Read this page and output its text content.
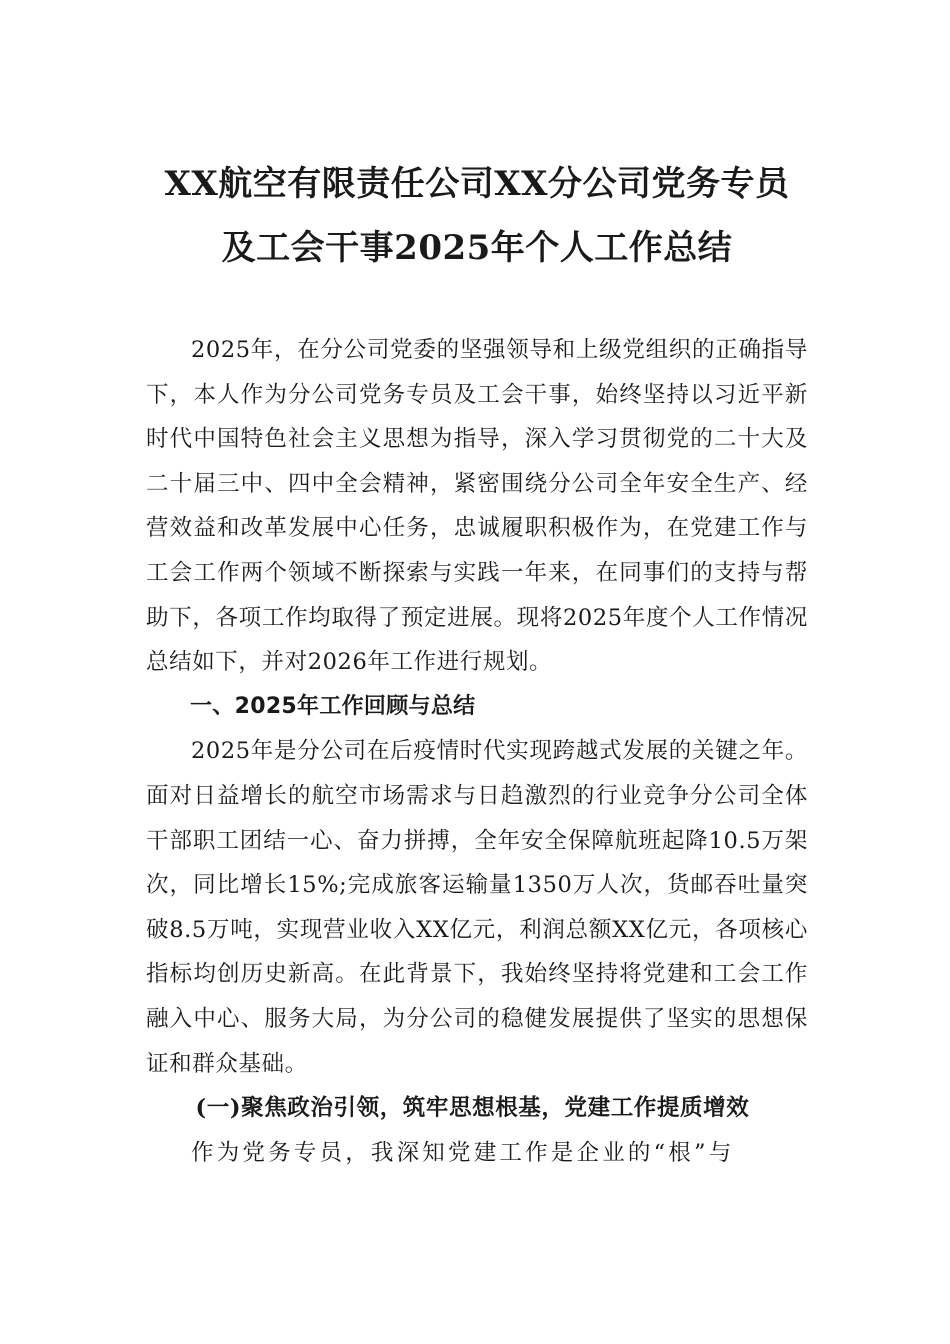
XX航空有限责任公司XX分公司党务专员
及工会干事2025年个人工作总结

2025年，在分公司党委的坚强领导和上级党组织的正确指导下，本人作为分公司党务专员及工会干事，始终坚持以习近平新时代中国特色社会主义思想为指导，深入学习贯彻党的二十大及二十届三中、四中全会精神，紧密围绕分公司全年安全生产、经营效益和改革发展中心任务，忠诚履职积极作为，在党建工作与工会工作两个领域不断探索与实践一年来，在同事们的支持与帮助下，各项工作均取得了预定进展。现将2025年度个人工作情况总结如下，并对2026年工作进行规划。

一、2025年工作回顾与总结

2025年是分公司在后疫情时代实现跨越式发展的关键之年。面对日益增长的航空市场需求与日趋激烈的行业竞争分公司全体干部职工团结一心、奋力拼搏，全年安全保障航班起降10.5万架次，同比增长15%;完成旅客运输量1350万人次，货邮吞吐量突破8.5万吨，实现营业收入XX亿元，利润总额XX亿元，各项核心指标均创历史新高。在此背景下，我始终坚持将党建和工会工作融入中心、服务大局，为分公司的稳健发展提供了坚实的思想保证和群众基础。

(一)聚焦政治引领，筑牢思想根基，党建工作提质增效

作为党务专员，我深知党建工作是企业的“根”与
